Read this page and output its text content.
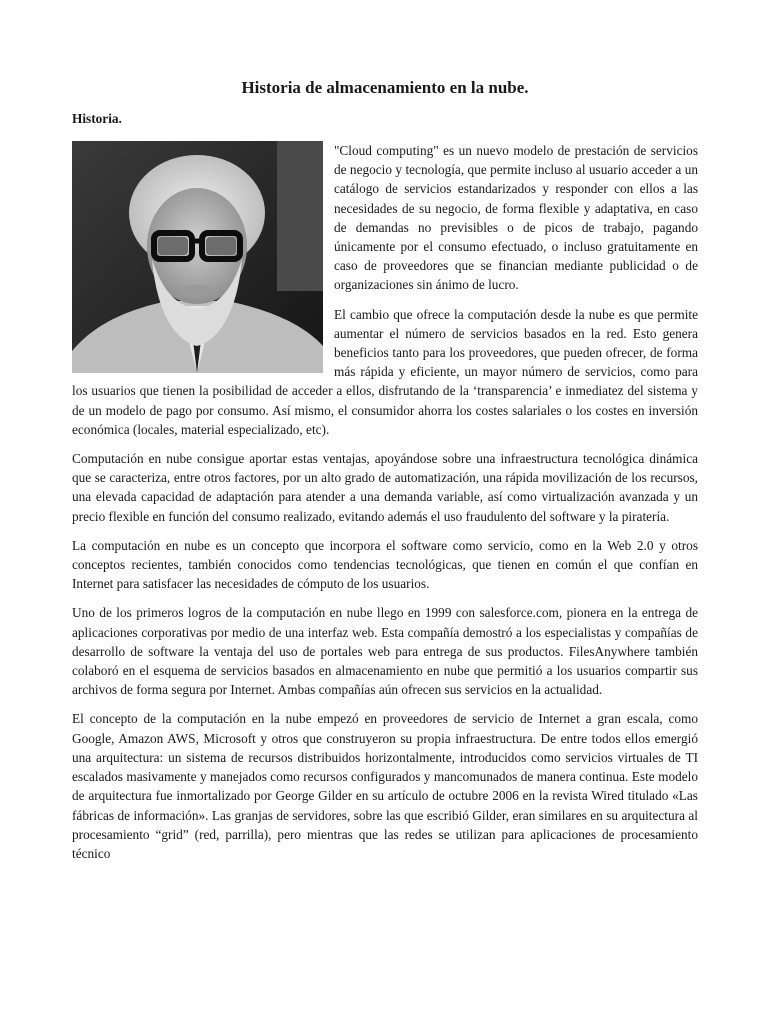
Historia de almacenamiento en la nube.
Historia.

"Cloud computing" es un nuevo modelo de prestación de servicios de negocio y tecnología, que permite incluso al usuario acceder a un catálogo de servicios estandarizados y responder con ellos a las necesidades de su negocio, de forma flexible y adaptativa, en caso de demandas no previsibles o de picos de trabajo, pagando únicamente por el consumo efectuado, o incluso gratuitamente en caso de proveedores que se financian mediante publicidad o de organizaciones sin ánimo de lucro.

El cambio que ofrece la computación desde la nube es que permite aumentar el número de servicios basados en la red. Esto genera beneficios tanto para los proveedores, que pueden ofrecer, de forma más rápida y eficiente, un mayor número de servicios, como para los usuarios que tienen la posibilidad de acceder a ellos, disfrutando de la ‘transparencia’ e inmediatez del sistema y de un modelo de pago por consumo. Así mismo, el consumidor ahorra los costes salariales o los costes en inversión económica (locales, material especializado, etc).

Computación en nube consigue aportar estas ventajas, apoyándose sobre una infraestructura tecnológica dinámica que se caracteriza, entre otros factores, por un alto grado de automatización, una rápida movilización de los recursos, una elevada capacidad de adaptación para atender a una demanda variable, así como virtualización avanzada y un precio flexible en función del consumo realizado, evitando además el uso fraudulento del software y la piratería.

La computación en nube es un concepto que incorpora el software como servicio, como en la Web 2.0 y otros conceptos recientes, también conocidos como tendencias tecnológicas, que tienen en común el que confían en Internet para satisfacer las necesidades de cómputo de los usuarios.

Uno de los primeros logros de la computación en nube llego en 1999 con salesforce.com, pionera en la entrega de aplicaciones corporativas por medio de una interfaz web. Esta compañía demostró a los especialistas y compañías de desarrollo de software la ventaja del uso de portales web para entrega de sus productos. FilesAnywhere también colaboró en el esquema de servicios basados en almacenamiento en nube que permitió a los usuarios compartir sus archivos de forma segura por Internet. Ambas compañías aún ofrecen sus servicios en la actualidad.

El concepto de la computación en la nube empezó en proveedores de servicio de Internet a gran escala, como Google, Amazon AWS, Microsoft y otros que construyeron su propia infraestructura. De entre todos ellos emergió una arquitectura: un sistema de recursos distribuidos horizontalmente, introducidos como servicios virtuales de TI escalados masivamente y manejados como recursos configurados y mancomunados de manera continua. Este modelo de arquitectura fue inmortalizado por George Gilder en su artículo de octubre 2006 en la revista Wired titulado «Las fábricas de información». Las granjas de servidores, sobre las que escribió Gilder, eran similares en su arquitectura al procesamiento “grid” (red, parrilla), pero mientras que las redes se utilizan para aplicaciones de procesamiento técnico
